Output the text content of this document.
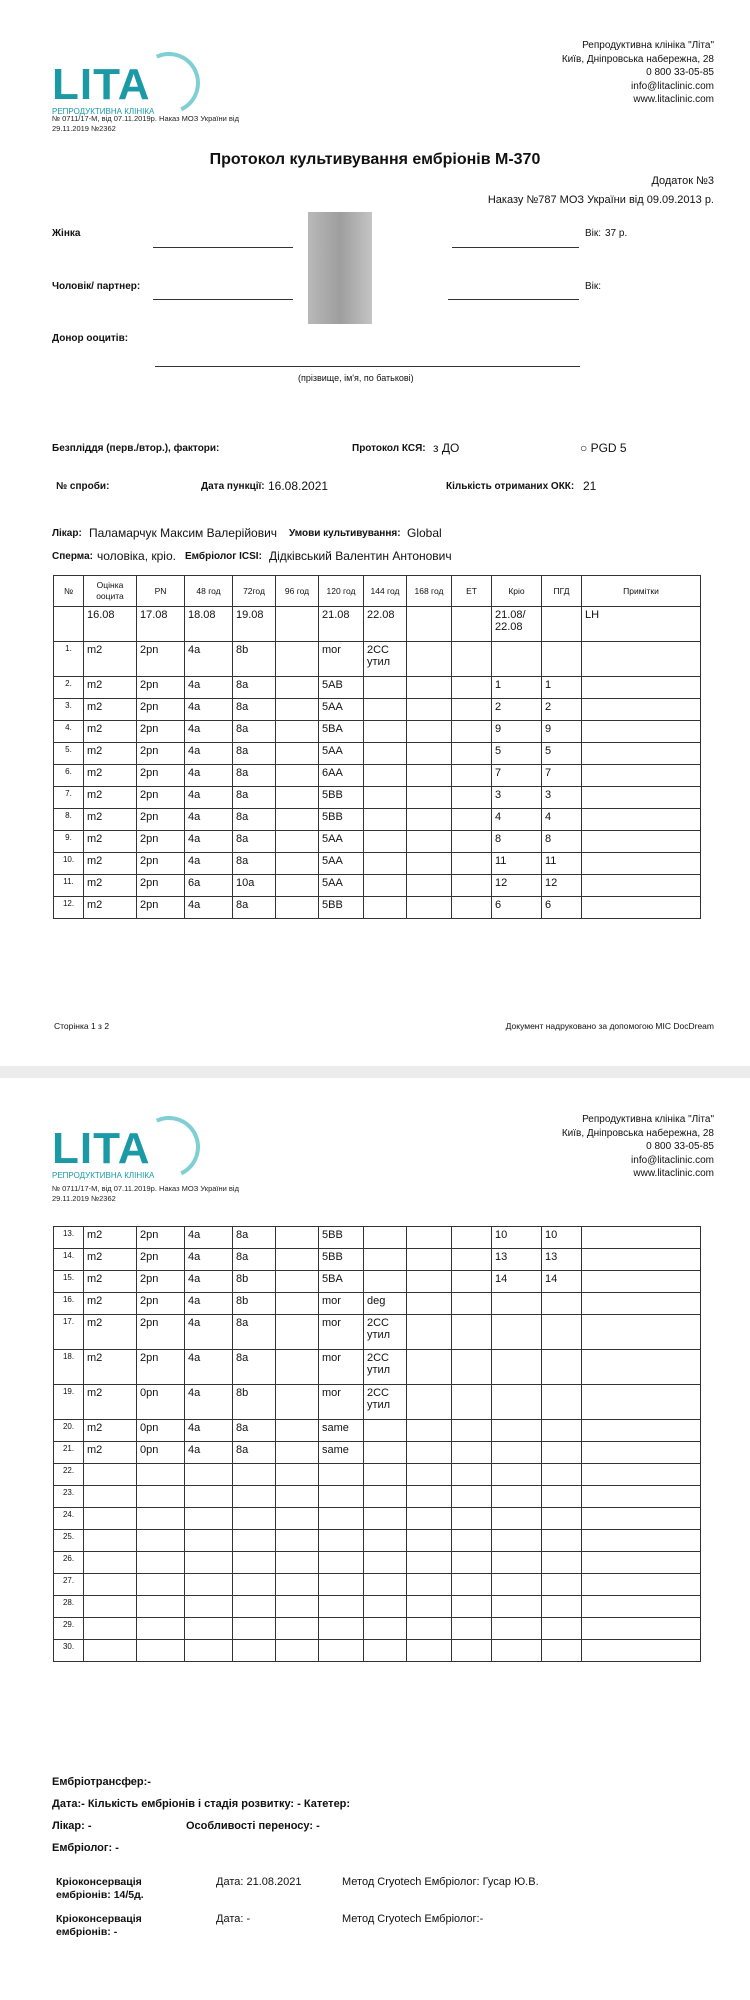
LITA
РЕПРОДУКТИВНА КЛІНІКА
№ 0711/17-М, від 07.11.2019р. Наказ МОЗ України від 29.11.2019 №2362
Репродуктивна клініка "Літа"
Київ, Дніпровська набережна, 28
0 800 33-05-85
info@litaclinic.com
www.litaclinic.com
Протокол культивування ембріонів М-370
Додаток №3
Наказу №787 МОЗ України від 09.09.2013 р.
Жінка	Вік: 37 р.
Чоловік/ партнер:	Вік:
Донор ооцитів:
(прізвище, ім'я, по батькові)
Безпліддя (перв./втор.), фактори:	Протокол КСЯ: з ДО	○ PGD 5
№ спроби:	Дата пункції: 16.08.2021	Кількість отриманих ОКК: 21
Лікар: Паламарчук Максим Валерійович Умови культивування: Global
Сперма: чоловіка, кріо. Ембріолог ICSI: Дідківський Валентин Антонович
№	Оцінка ооцита	PN	48 год	72год	96 год	120 год	144 год	168 год	ET	Кріо	ПГД	Примітки
	16.08	17.08	18.08	19.08		21.08	22.08			21.08/ 22.08		LH
1.	m2	2pn	4a	8b		mor	2CC утил					
2.	m2	2pn	4a	8a		5AB				1	1	
3.	m2	2pn	4a	8a		5AA				2	2	
4.	m2	2pn	4a	8a		5BA				9	9	
5.	m2	2pn	4a	8a		5AA				5	5	
6.	m2	2pn	4a	8a		6AA				7	7	
7.	m2	2pn	4a	8a		5BB				3	3	
8.	m2	2pn	4a	8a		5BB				4	4	
9.	m2	2pn	4a	8a		5AA				8	8	
10.	m2	2pn	4a	8a		5AA				11	11	
11.	m2	2pn	6a	10a		5AA				12	12	
12.	m2	2pn	4a	8a		5BB				6	6	
Сторінка 1 з 2	Документ надруковано за допомогою МІС DocDream
LITA
РЕПРОДУКТИВНА КЛІНІКА
№ 0711/17-М, від 07.11.2019р. Наказ МОЗ України від 29.11.2019 №2362
Репродуктивна клініка "Літа"
Київ, Дніпровська набережна, 28
0 800 33-05-85
info@litaclinic.com
www.litaclinic.com
13.	m2	2pn	4a	8a		5BB				10	10	
14.	m2	2pn	4a	8a		5BB				13	13	
15.	m2	2pn	4a	8b		5BA				14	14	
16.	m2	2pn	4a	8b		mor	deg					
17.	m2	2pn	4a	8a		mor	2CC утил					
18.	m2	2pn	4a	8a		mor	2CC утил					
19.	m2	0pn	4a	8b		mor	2CC утил					
20.	m2	0pn	4a	8a		same						
21.	m2	0pn	4a	8a		same						
22.												
23.												
24.												
25.												
26.												
27.												
28.												
29.												
30.												
Ембріотрансфер:-
Дата:- Кількість ембріонів і стадія розвитку: - Катетер:
Лікар: -	Особливості переносу: -
Ембріолог: -
Кріоконсервація ембріонів: 14/5д.
Дата: 21.08.2021	Метод Cryotech Ембріолог: Гусар Ю.В.
Кріоконсервація ембріонів: -
Дата: -	Метод Cryotech Ембріолог:-
